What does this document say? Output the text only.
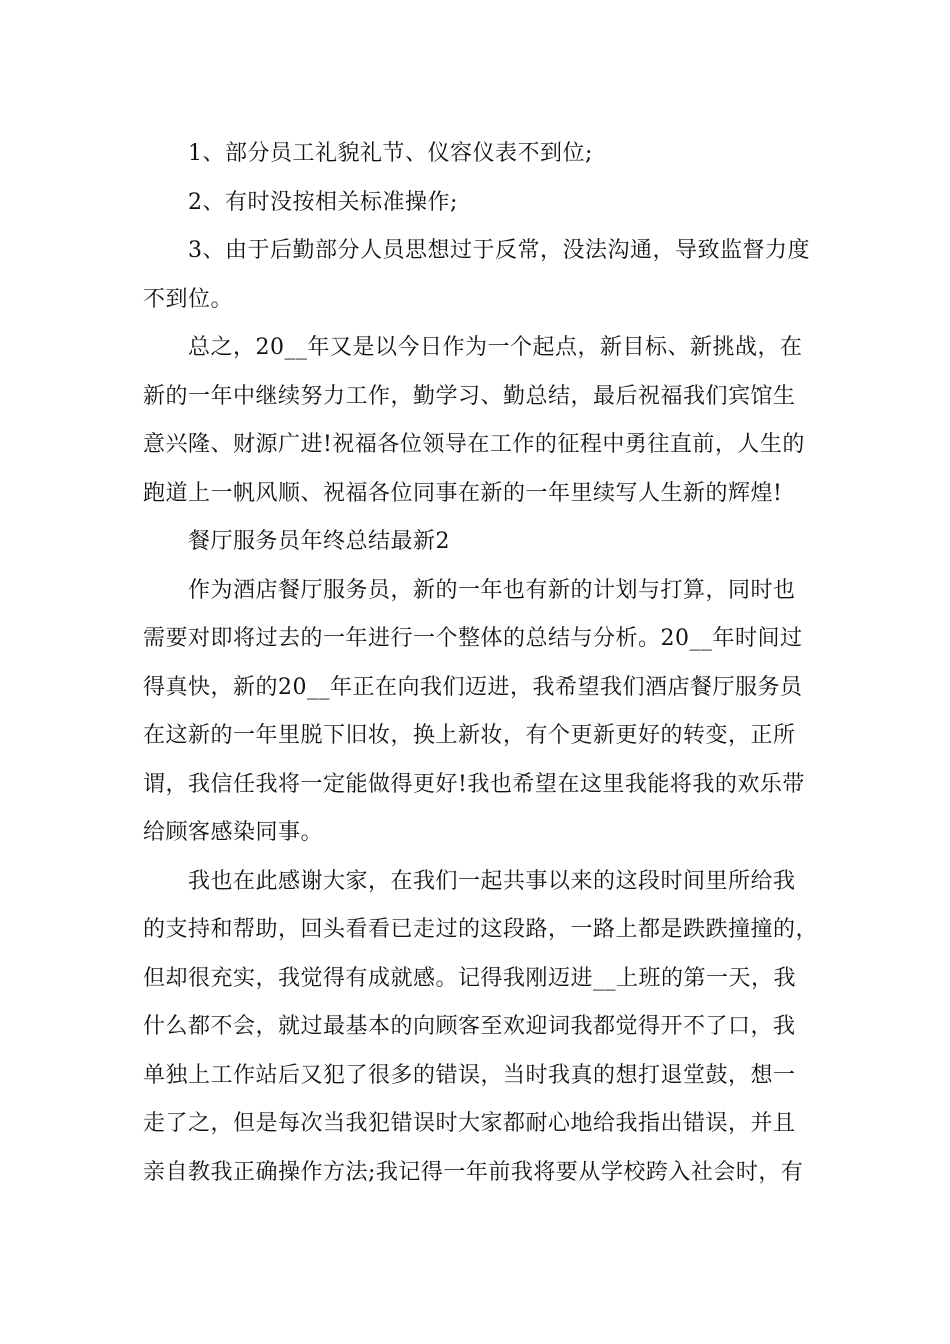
1、部分员工礼貌礼节、仪容仪表不到位;
2、有时没按相关标准操作;
3、由于后勤部分人员思想过于反常，没法沟通，导致监督力度
不到位。
总之，20__年又是以今日作为一个起点，新目标、新挑战，在
新的一年中继续努力工作，勤学习、勤总结，最后祝福我们宾馆生
意兴隆、财源广进!祝福各位领导在工作的征程中勇往直前，人生的
跑道上一帆风顺、祝福各位同事在新的一年里续写人生新的辉煌!
餐厅服务员年终总结最新2
作为酒店餐厅服务员，新的一年也有新的计划与打算，同时也
需要对即将过去的一年进行一个整体的总结与分析。20__年时间过
得真快，新的20__年正在向我们迈进，我希望我们酒店餐厅服务员
在这新的一年里脱下旧妆，换上新妆，有个更新更好的转变，正所
谓，我信任我将一定能做得更好!我也希望在这里我能将我的欢乐带
给顾客感染同事。
我也在此感谢大家，在我们一起共事以来的这段时间里所给我
的支持和帮助，回头看看已走过的这段路，一路上都是跌跌撞撞的，
但却很充实，我觉得有成就感。记得我刚迈进__上班的第一天，我
什么都不会，就过最基本的向顾客至欢迎词我都觉得开不了口，我
单独上工作站后又犯了很多的错误，当时我真的想打退堂鼓，想一
走了之，但是每次当我犯错误时大家都耐心地给我指出错误，并且
亲自教我正确操作方法;我记得一年前我将要从学校跨入社会时，有
